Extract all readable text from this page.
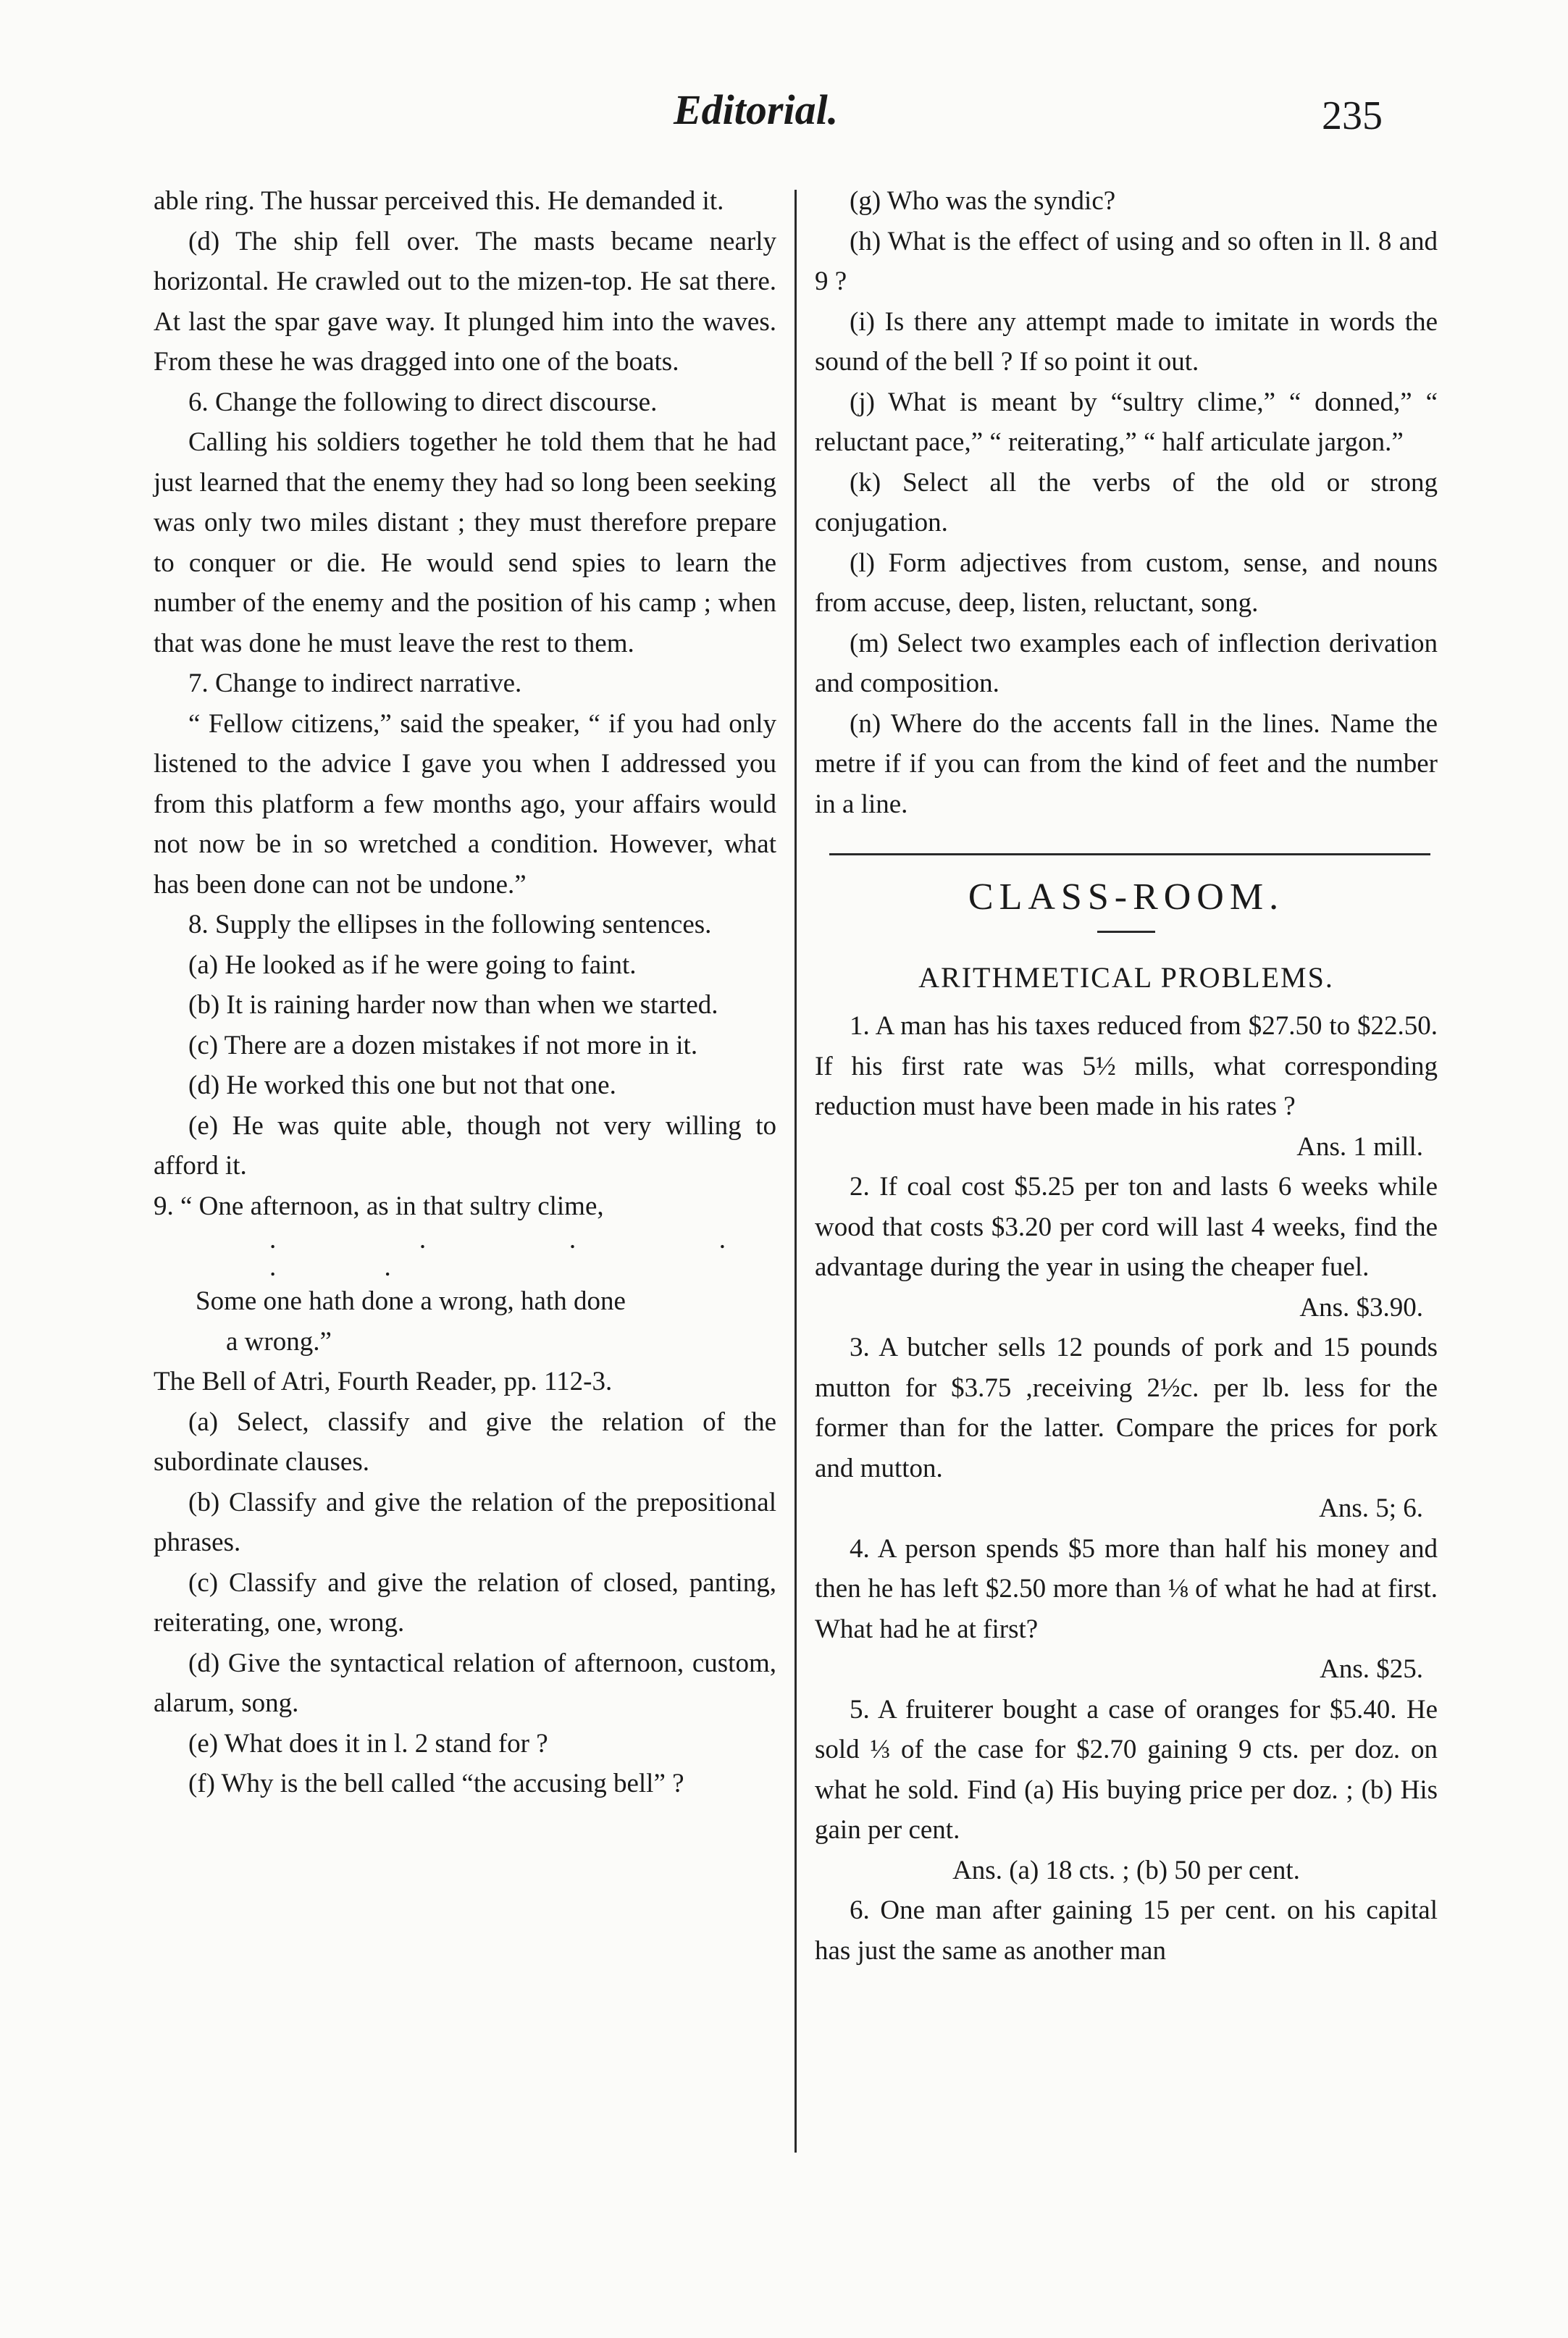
Editorial.	235

able ring. The hussar perceived this. He demanded it.

(d) The ship fell over. The masts became nearly horizontal. He crawled out to the mizen-top. He sat there. At last the spar gave way. It plunged him into the waves. From these he was dragged into one of the boats.

6. Change the following to direct discourse.

Calling his soldiers together he told them that he had just learned that the enemy they had so long been seeking was only two miles distant ; they must therefore prepare to conquer or die. He would send spies to learn the number of the enemy and the position of his camp ; when that was done he must leave the rest to them.

7. Change to indirect narrative.

“ Fellow citizens,” said the speaker, “ if you had only listened to the advice I gave you when I addressed you from this platform a few months ago, your affairs would not now be in so wretched a condition. However, what has been done can not be undone.”

8. Supply the ellipses in the following sentences.

(a) He looked as if he were going to faint.

(b) It is raining harder now than when we started.

(c) There are a dozen mistakes if not more in it.

(d) He worked this one but not that one.

(e) He was quite able, though not very willing to afford it.

9. “ One afternoon, as in that sultry clime,

. . . . . .

Some one hath done a wrong, hath done

a wrong.”

The Bell of Atri, Fourth Reader, pp. 112-3.

(a) Select, classify and give the relation of the subordinate clauses.

(b) Classify and give the relation of the prepositional phrases.

(c) Classify and give the relation of closed, panting, reiterating, one, wrong.

(d) Give the syntactical relation of afternoon, custom, alarum, song.

(e) What does it in l. 2 stand for ?

(f) Why is the bell called “the accusing bell” ?

(g) Who was the syndic?

(h) What is the effect of using and so often in ll. 8 and 9 ?

(i) Is there any attempt made to imitate in words the sound of the bell ? If so point it out.

(j) What is meant by “sultry clime,” “ donned,” “ reluctant pace,” “ reiterating,” “ half articulate jargon.”

(k) Select all the verbs of the old or strong conjugation.

(l) Form adjectives from custom, sense, and nouns from accuse, deep, listen, reluctant, song.

(m) Select two examples each of inflection derivation and composition.

(n) Where do the accents fall in the lines. Name the metre if if you can from the kind of feet and the number in a line.

CLASS-ROOM.
ARITHMETICAL PROBLEMS.

1. A man has his taxes reduced from $27.50 to $22.50. If his first rate was 5½ mills, what corresponding reduction must have been made in his rates ?

Ans. 1 mill.

2. If coal cost $5.25 per ton and lasts 6 weeks while wood that costs $3.20 per cord will last 4 weeks, find the advantage during the year in using the cheaper fuel.

Ans. $3.90.

3. A butcher sells 12 pounds of pork and 15 pounds mutton for $3.75 ,receiving 2½c. per lb. less for the former than for the latter. Compare the prices for pork and mutton.

Ans. 5; 6.

4. A person spends $5 more than half his money and then he has left $2.50 more than ⅛ of what he had at first. What had he at first?

Ans. $25.

5. A fruiterer bought a case of oranges for $5.40. He sold ⅓ of the case for $2.70 gaining 9 cts. per doz. on what he sold. Find (a) His buying price per doz. ; (b) His gain per cent.

Ans. (a) 18 cts. ; (b) 50 per cent.

6. One man after gaining 15 per cent. on his capital has just the same as another man
